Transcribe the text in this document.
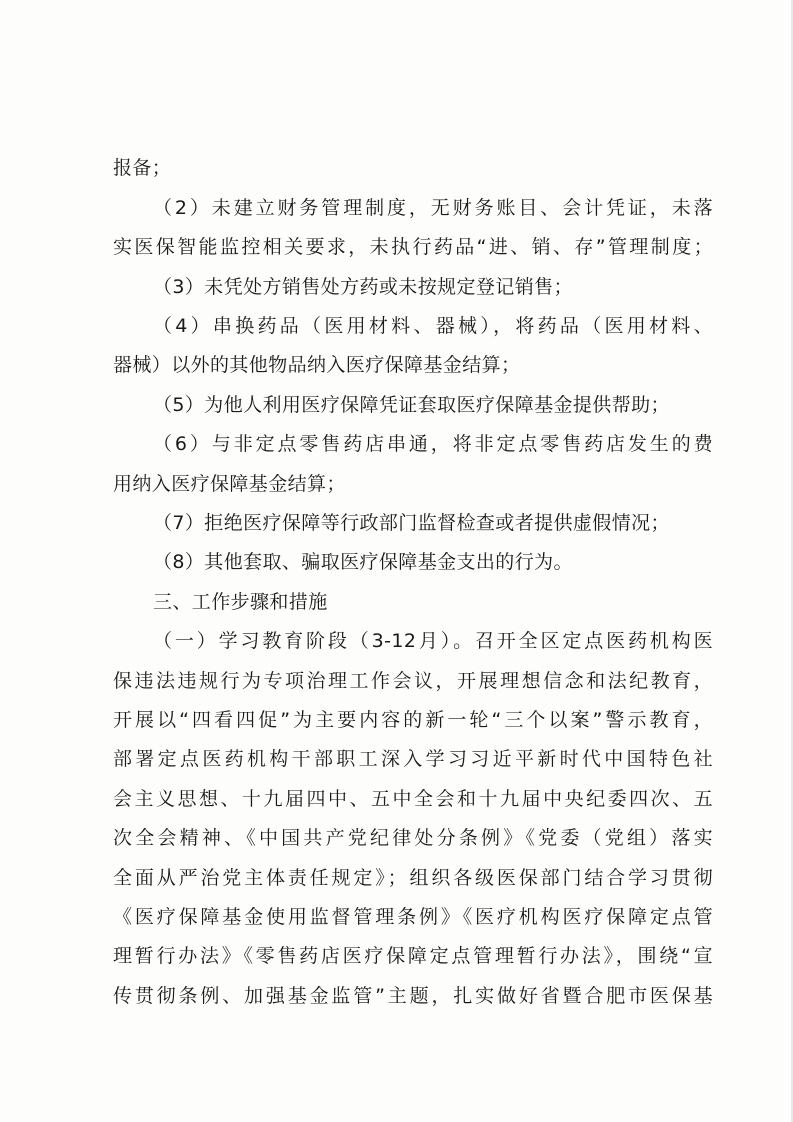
报备；
（2）未建立财务管理制度，无财务账目、会计凭证，未落
实医保智能监控相关要求，未执行药品“进、销、存”管理制度；
（3）未凭处方销售处方药或未按规定登记销售；
（4）串换药品（医用材料、器械），将药品（医用材料、
器械）以外的其他物品纳入医疗保障基金结算；
（5）为他人利用医疗保障凭证套取医疗保障基金提供帮助；
（6）与非定点零售药店串通，将非定点零售药店发生的费
用纳入医疗保障基金结算；
（7）拒绝医疗保障等行政部门监督检查或者提供虚假情况；
（8）其他套取、骗取医疗保障基金支出的行为。
三、工作步骤和措施
（一）学习教育阶段（3-12月）。召开全区定点医药机构医
保违法违规行为专项治理工作会议，开展理想信念和法纪教育，
开展以“四看四促”为主要内容的新一轮“三个以案”警示教育，
部署定点医药机构干部职工深入学习习近平新时代中国特色社
会主义思想、十九届四中、五中全会和十九届中央纪委四次、五
次全会精神、《中国共产党纪律处分条例》《党委（党组）落实
全面从严治党主体责任规定》；组织各级医保部门结合学习贯彻
《医疗保障基金使用监督管理条例》《医疗机构医疗保障定点管
理暂行办法》《零售药店医疗保障定点管理暂行办法》，围绕“宣
传贯彻条例、加强基金监管”主题，扎实做好省暨合肥市医保基
